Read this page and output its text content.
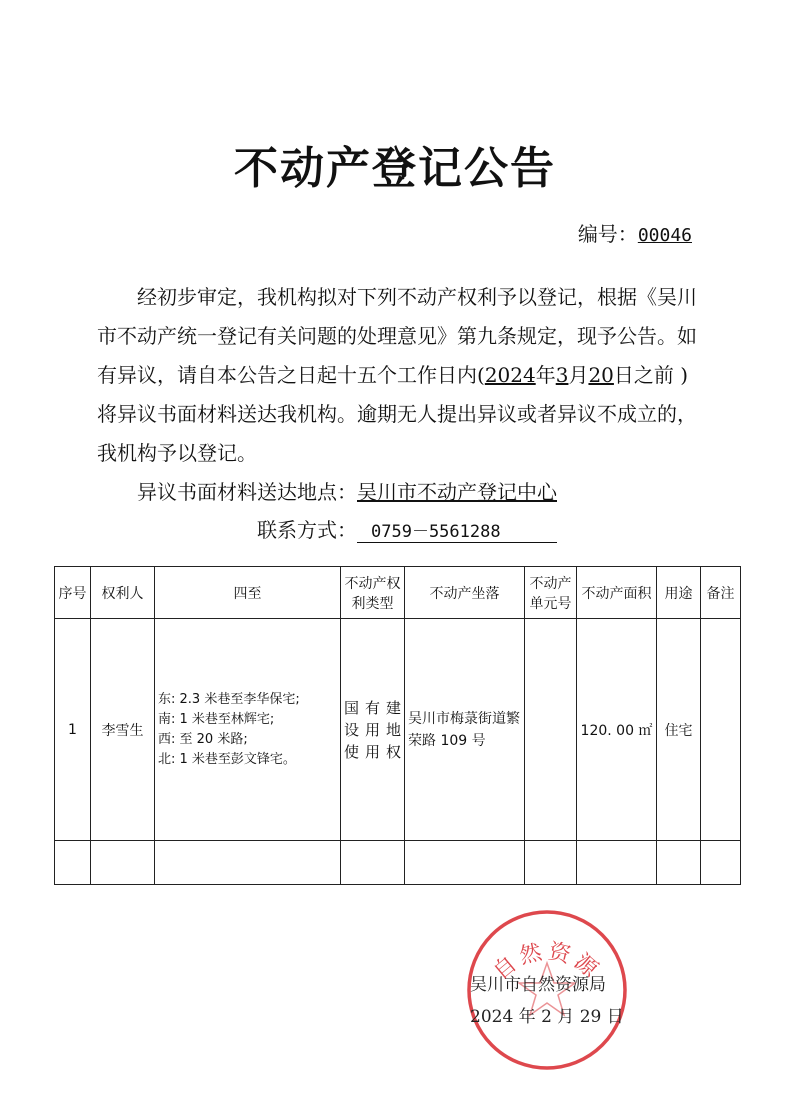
不动产登记公告
编号：00046
经初步审定，我机构拟对下列不动产权利予以登记，根据《吴川
市不动产统一登记有关问题的处理意见》第九条规定，现予公告。如
有异议，请自本公告之日起十五个工作日内(2024年3月20日之前 )
将异议书面材料送达我机构。逾期无人提出异议或者异议不成立的，
我机构予以登记。
异议书面材料送达地点：吴川市不动产登记中心
联系方式： 0759－5561288
序号	权利人	四至	不动产权利类型	不动产坐落	不动产单元号	不动产面积	用途	备注
1	李雪生	东: 2.3 米巷至李华保宅;
南: 1 米巷至林辉宅;
西: 至 20 米路;
北: 1 米巷至彭文锋宅。	国有建设用地使用权	吴川市梅菉街道繁荣路 109 号		120. 00 ㎡	住宅	

自然资源
吴川市自然资源局
2024 年 2 月 29 日
